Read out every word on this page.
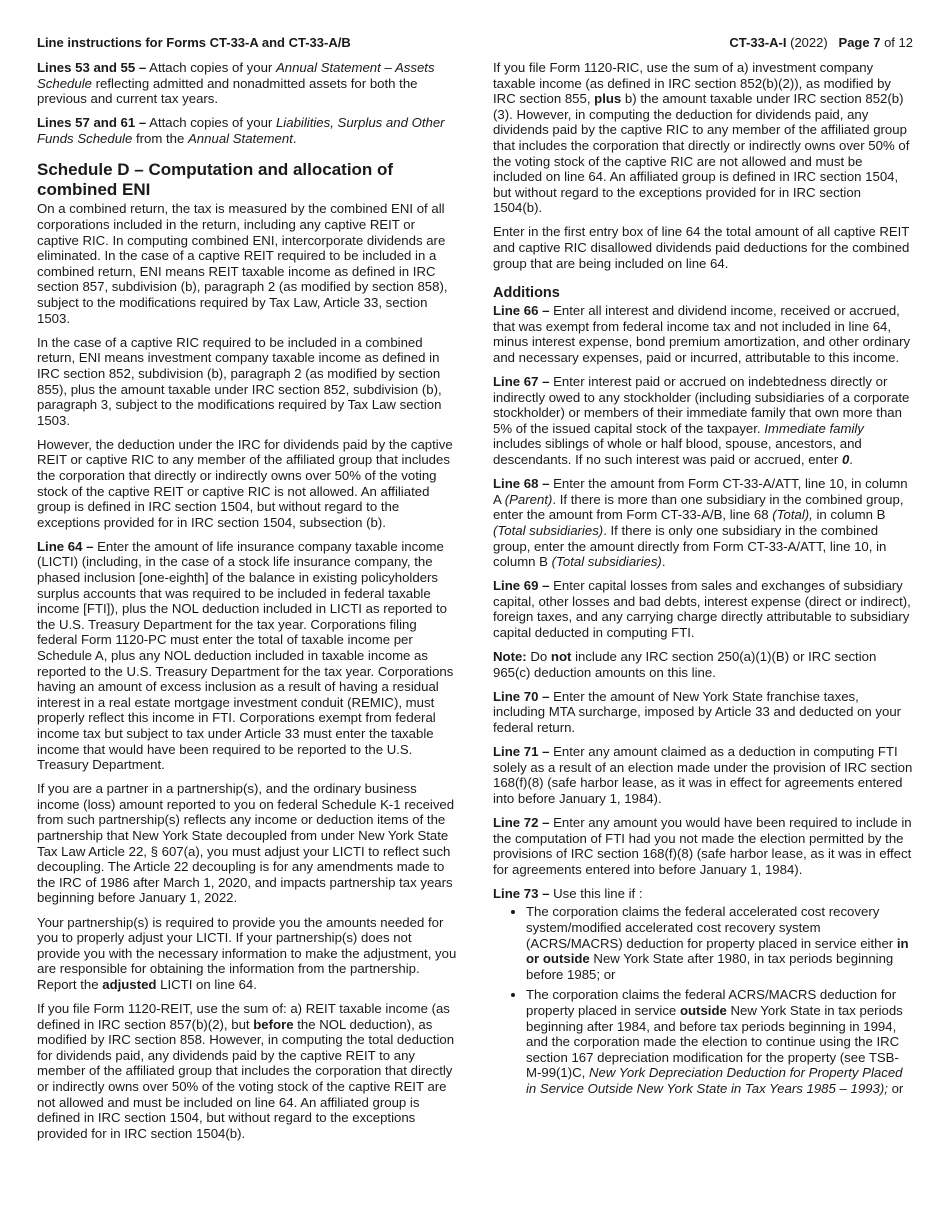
Line instructions for Forms CT-33-A and CT-33-A/B	CT-33-A-I (2022) Page 7 of 12

Lines 53 and 55 – Attach copies of your Annual Statement – Assets Schedule reflecting admitted and nonadmitted assets for both the previous and current tax years.

Lines 57 and 61 – Attach copies of your Liabilities, Surplus and Other Funds Schedule from the Annual Statement.

Schedule D – Computation and allocation of combined ENI

On a combined return, the tax is measured by the combined ENI of all corporations included in the return, including any captive REIT or captive RIC. In computing combined ENI, intercorporate dividends are eliminated. In the case of a captive REIT required to be included in a combined return, ENI means REIT taxable income as defined in IRC section 857, subdivision (b), paragraph 2 (as modified by section 858), subject to the modifications required by Tax Law, Article 33, section 1503.

In the case of a captive RIC required to be included in a combined return, ENI means investment company taxable income as defined in IRC section 852, subdivision (b), paragraph 2 (as modified by section 855), plus the amount taxable under IRC section 852, subdivision (b), paragraph 3, subject to the modifications required by Tax Law section 1503.

However, the deduction under the IRC for dividends paid by the captive REIT or captive RIC to any member of the affiliated group that includes the corporation that directly or indirectly owns over 50% of the voting stock of the captive REIT or captive RIC is not allowed. An affiliated group is defined in IRC section 1504, but without regard to the exceptions provided for in IRC section 1504, subsection (b).

Line 64 – Enter the amount of life insurance company taxable income (LICTI) (including, in the case of a stock life insurance company, the phased inclusion [one-eighth] of the balance in existing policyholders surplus accounts that was required to be included in federal taxable income [FTI]), plus the NOL deduction included in LICTI as reported to the U.S. Treasury Department for the tax year. Corporations filing federal Form 1120-PC must enter the total of taxable income per Schedule A, plus any NOL deduction included in taxable income as reported to the U.S. Treasury Department for the tax year. Corporations having an amount of excess inclusion as a result of having a residual interest in a real estate mortgage investment conduit (REMIC), must properly reflect this income in FTI. Corporations exempt from federal income tax but subject to tax under Article 33 must enter the taxable income that would have been required to be reported to the U.S. Treasury Department.

If you are a partner in a partnership(s), and the ordinary business income (loss) amount reported to you on federal Schedule K-1 received from such partnership(s) reflects any income or deduction items of the partnership that New York State decoupled from under New York State Tax Law Article 22, § 607(a), you must adjust your LICTI to reflect such decoupling. The Article 22 decoupling is for any amendments made to the IRC of 1986 after March 1, 2020, and impacts partnership tax years beginning before January 1, 2022.

Your partnership(s) is required to provide you the amounts needed for you to properly adjust your LICTI. If your partnership(s) does not provide you with the necessary information to make the adjustment, you are responsible for obtaining the information from the partnership. Report the adjusted LICTI on line 64.

If you file Form 1120-REIT, use the sum of: a) REIT taxable income (as defined in IRC section 857(b)(2), but before the NOL deduction), as modified by IRC section 858. However, in computing the total deduction for dividends paid, any dividends paid by the captive REIT to any member of the affiliated group that includes the corporation that directly or indirectly owns over 50% of the voting stock of the captive REIT are not allowed and must be included on line 64. An affiliated group is defined in IRC section 1504, but without regard to the exceptions provided for in IRC section 1504(b).

If you file Form 1120-RIC, use the sum of a) investment company taxable income (as defined in IRC section 852(b)(2)), as modified by IRC section 855, plus b) the amount taxable under IRC section 852(b)(3). However, in computing the deduction for dividends paid, any dividends paid by the captive RIC to any member of the affiliated group that includes the corporation that directly or indirectly owns over 50% of the voting stock of the captive RIC are not allowed and must be included on line 64. An affiliated group is defined in IRC section 1504, but without regard to the exceptions provided for in IRC section 1504(b).

Enter in the first entry box of line 64 the total amount of all captive REIT and captive RIC disallowed dividends paid deductions for the combined group that are being included on line 64.

Additions

Line 66 – Enter all interest and dividend income, received or accrued, that was exempt from federal income tax and not included in line 64, minus interest expense, bond premium amortization, and other ordinary and necessary expenses, paid or incurred, attributable to this income.

Line 67 – Enter interest paid or accrued on indebtedness directly or indirectly owed to any stockholder (including subsidiaries of a corporate stockholder) or members of their immediate family that own more than 5% of the issued capital stock of the taxpayer. Immediate family includes siblings of whole or half blood, spouse, ancestors, and descendants. If no such interest was paid or accrued, enter 0.

Line 68 – Enter the amount from Form CT-33-A/ATT, line 10, in column A (Parent). If there is more than one subsidiary in the combined group, enter the amount from Form CT-33-A/B, line 68 (Total), in column B (Total subsidiaries). If there is only one subsidiary in the combined group, enter the amount directly from Form CT-33-A/ATT, line 10, in column B (Total subsidiaries).

Line 69 – Enter capital losses from sales and exchanges of subsidiary capital, other losses and bad debts, interest expense (direct or indirect), foreign taxes, and any carrying charge directly attributable to subsidiary capital deducted in computing FTI.

Note: Do not include any IRC section 250(a)(1)(B) or IRC section 965(c) deduction amounts on this line.

Line 70 – Enter the amount of New York State franchise taxes, including MTA surcharge, imposed by Article 33 and deducted on your federal return.

Line 71 – Enter any amount claimed as a deduction in computing FTI solely as a result of an election made under the provision of IRC section 168(f)(8) (safe harbor lease, as it was in effect for agreements entered into before January 1, 1984).

Line 72 – Enter any amount you would have been required to include in the computation of FTI had you not made the election permitted by the provisions of IRC section 168(f)(8) (safe harbor lease, as it was in effect for agreements entered into before January 1, 1984).

Line 73 – Use this line if :

• The corporation claims the federal accelerated cost recovery system/modified accelerated cost recovery system (ACRS/MACRS) deduction for property placed in service either in or outside New York State after 1980, in tax periods beginning before 1985; or
• The corporation claims the federal ACRS/MACRS deduction for property placed in service outside New York State in tax periods beginning after 1984, and before tax periods beginning in 1994, and the corporation made the election to continue using the IRC section 167 depreciation modification for the property (see TSB-M-99(1)C, New York Depreciation Deduction for Property Placed in Service Outside New York State in Tax Years 1985 – 1993); or
